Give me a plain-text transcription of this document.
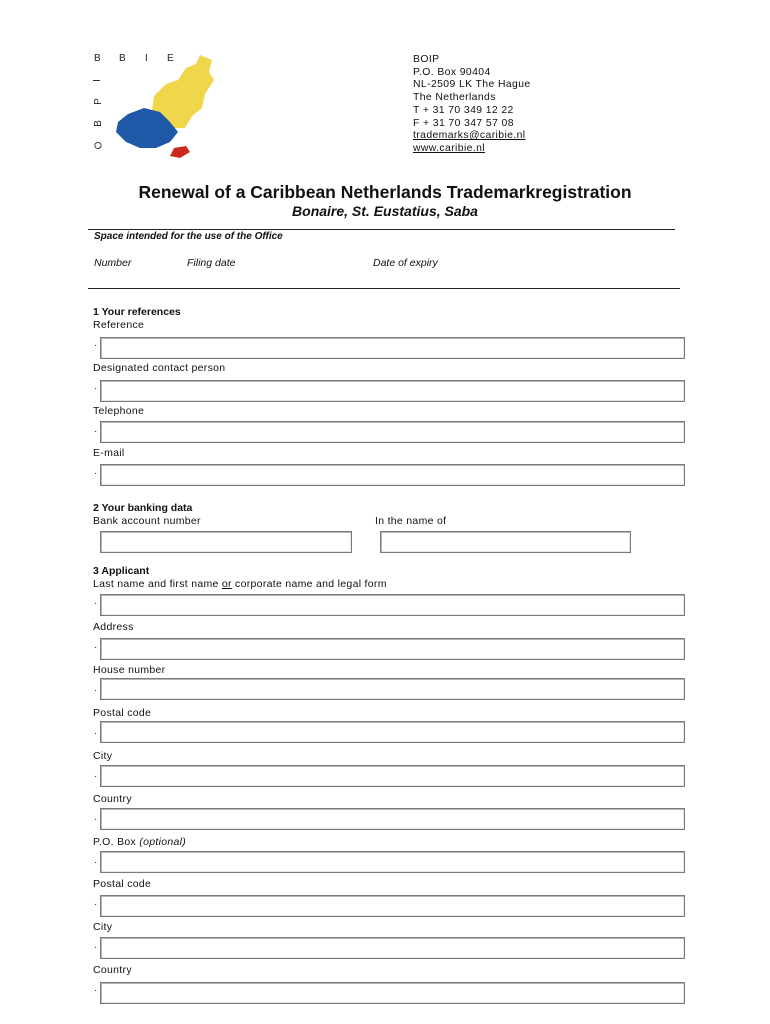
B B I E
O
B
P
I
BOIP
P.O. Box 90404
NL-2509 LK The Hague
The Netherlands
T + 31 70 349 12 22
F + 31 70 347 57 08
trademarks@caribie.nl
www.caribie.nl
Renewal of a Caribbean Netherlands Trademarkregistration
Bonaire, St. Eustatius, Saba
Space intended for the use of the Office
Number	Filing date	Date of expiry
1 Your references
Reference
·
Designated contact person
·
Telephone
·
E-mail
·
2 Your banking data
Bank account number	In the name of
3 Applicant
Last name and first name or corporate name and legal form
·
Address
·
House number
·
Postal code
·
City
·
Country
·
P.O. Box (optional)
·
Postal code
·
City
·
Country
·
